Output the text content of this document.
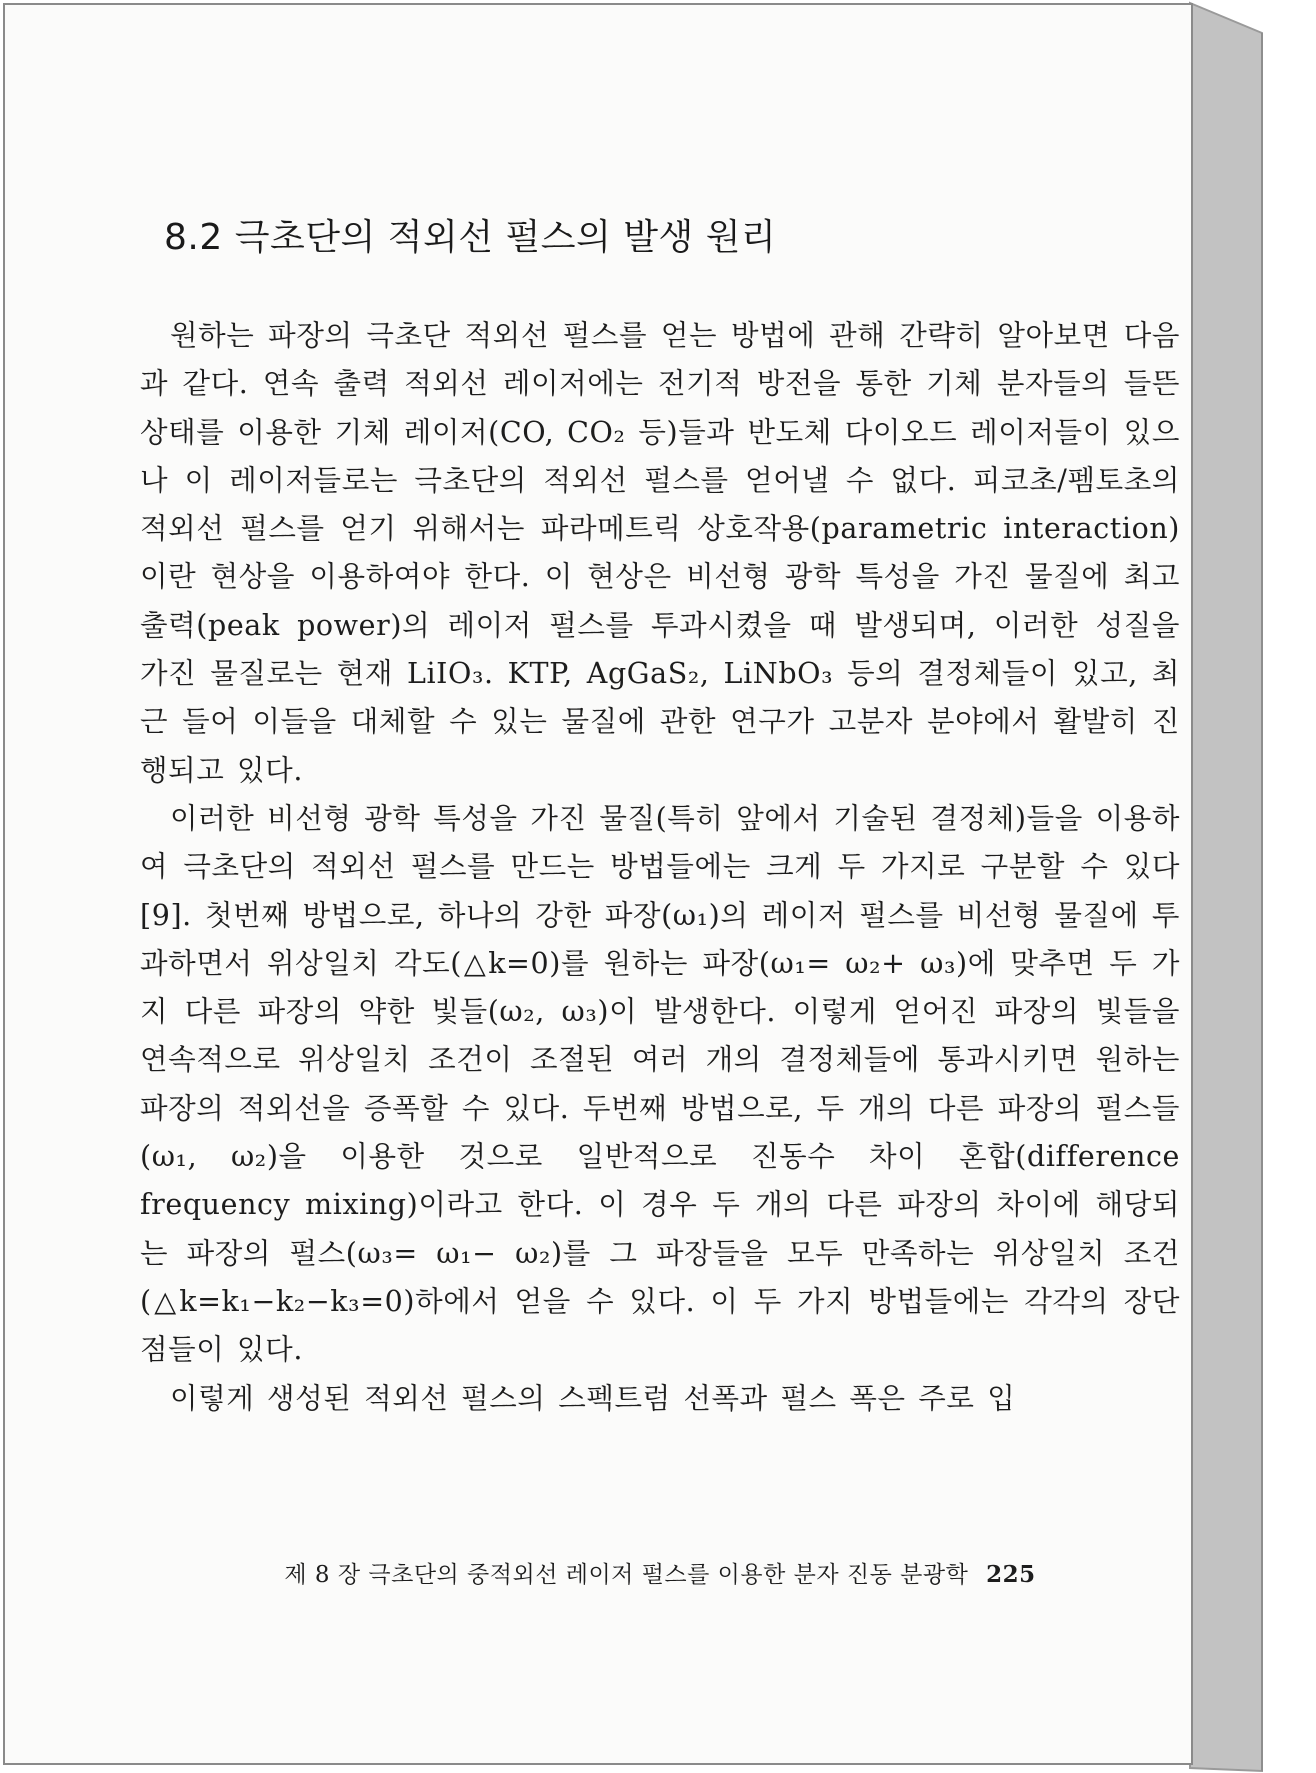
8.2 극초단의 적외선 펄스의 발생 원리

원하는 파장의 극초단 적외선 펄스를 얻는 방법에 관해 간략히 알아보면 다음과 같다. 연속 출력 적외선 레이저에는 전기적 방전을 통한 기체 분자들의 들뜬 상태를 이용한 기체 레이저(CO, CO₂ 등)들과 반도체 다이오드 레이저들이 있으나 이 레이저들로는 극초단의 적외선 펄스를 얻어낼 수 없다. 피코초/펨토초의 적외선 펄스를 얻기 위해서는 파라메트릭 상호작용(parametric interaction)이란 현상을 이용하여야 한다. 이 현상은 비선형 광학 특성을 가진 물질에 최고 출력(peak power)의 레이저 펄스를 투과시켰을 때 발생되며, 이러한 성질을 가진 물질로는 현재 LiIO₃. KTP, AgGaS₂, LiNbO₃ 등의 결정체들이 있고, 최근 들어 이들을 대체할 수 있는 물질에 관한 연구가 고분자 분야에서 활발히 진행되고 있다.

이러한 비선형 광학 특성을 가진 물질(특히 앞에서 기술된 결정체)들을 이용하여 극초단의 적외선 펄스를 만드는 방법들에는 크게 두 가지로 구분할 수 있다[9]. 첫번째 방법으로, 하나의 강한 파장(ω₁)의 레이저 펄스를 비선형 물질에 투과하면서 위상일치 각도(△k=0)를 원하는 파장(ω₁= ω₂+ ω₃)에 맞추면 두 가지 다른 파장의 약한 빛들(ω₂, ω₃)이 발생한다. 이렇게 얻어진 파장의 빛들을 연속적으로 위상일치 조건이 조절된 여러 개의 결정체들에 통과시키면 원하는 파장의 적외선을 증폭할 수 있다. 두번째 방법으로, 두 개의 다른 파장의 펄스들(ω₁, ω₂)을 이용한 것으로 일반적으로 진동수 차이 혼합(difference frequency mixing)이라고 한다. 이 경우 두 개의 다른 파장의 차이에 해당되는 파장의 펄스(ω₃= ω₁− ω₂)를 그 파장들을 모두 만족하는 위상일치 조건(△k=k₁−k₂−k₃=0)하에서 얻을 수 있다. 이 두 가지 방법들에는 각각의 장단점들이 있다.

이렇게 생성된 적외선 펄스의 스펙트럼 선폭과 펄스 폭은 주로 입

제 8 장 극초단의 중적외선 레이저 펄스를 이용한 분자 진동 분광학 225
